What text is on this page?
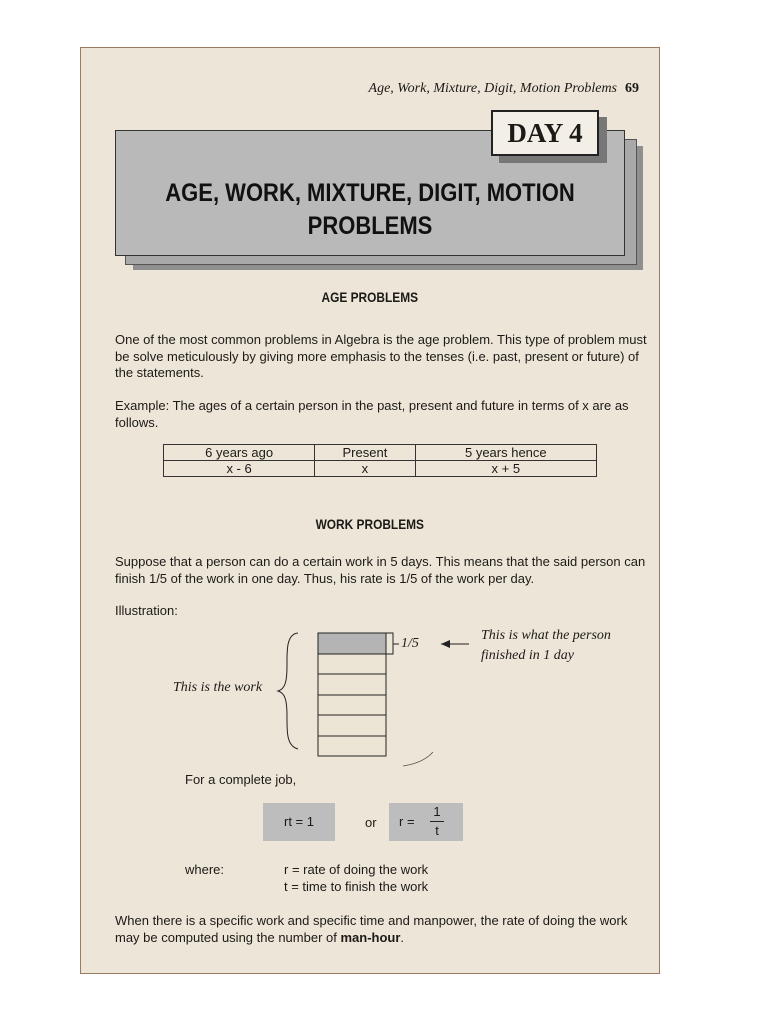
Age, Work, Mixture, Digit, Motion Problems 69
AGE, WORK, MIXTURE, DIGIT, MOTION
PROBLEMS
DAY 4
AGE PROBLEMS
One of the most common problems in Algebra is the age problem. This type of problem must be solve meticulously by giving more emphasis to the tenses (i.e. past, present or future) of the statements.
Example: The ages of a certain person in the past, present and future in terms of x are as follows.
6 years ago	Present	5 years hence
x - 6	x	x + 5
WORK PROBLEMS
Suppose that a person can do a certain work in 5 days. This means that the said person can finish 1/5 of the work in one day. Thus, his rate is 1/5 of the work per day.
Illustration:
1/5
This is what the person
finished in 1 day
This is the work
For a complete job,
rt = 1	or r =
1
t
where:	r = rate of doing the work
t = time to finish the work
When there is a specific work and specific time and manpower, the rate of doing the work may be computed using the number of man-hour.
